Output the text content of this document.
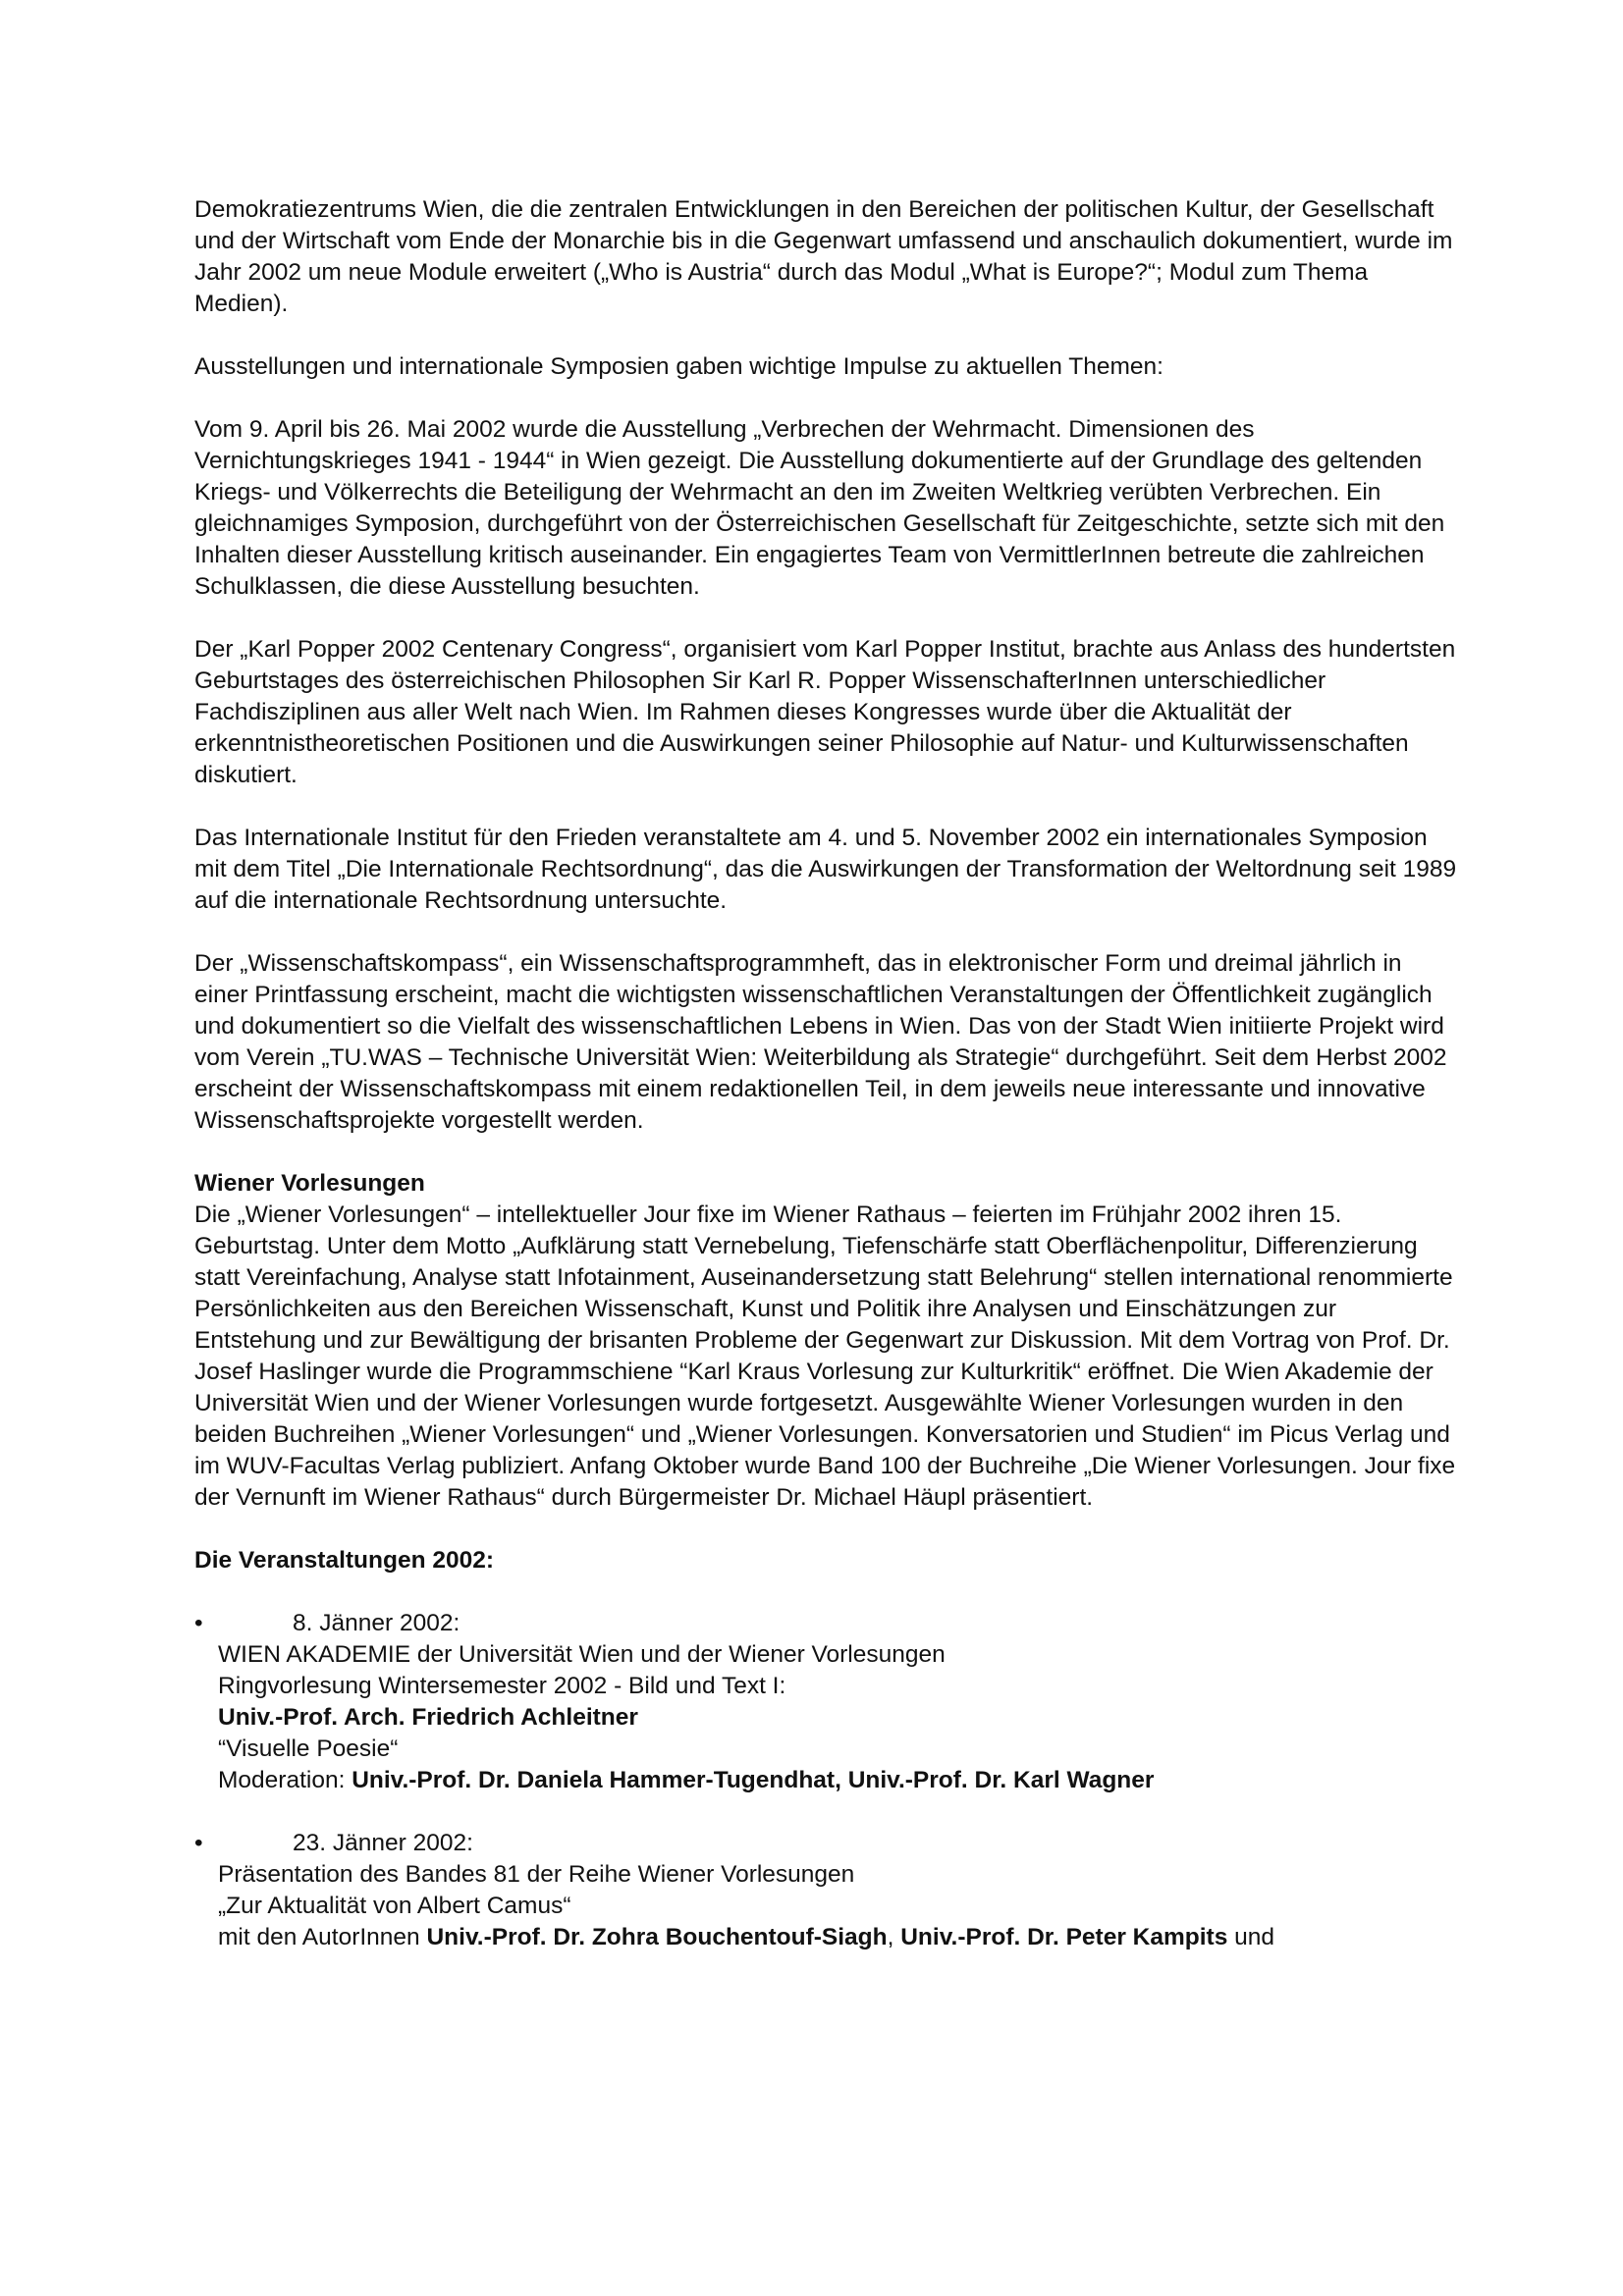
Demokratiezentrums Wien, die die zentralen Entwicklungen in den Bereichen der politischen Kultur, der Gesellschaft und der Wirtschaft vom Ende der Monarchie bis in die Gegenwart umfassend und anschaulich dokumentiert, wurde im Jahr 2002 um neue Module erweitert („Who is Austria“ durch das Modul „What is Europe?“; Modul zum Thema Medien).

Ausstellungen und internationale Symposien gaben wichtige Impulse zu aktuellen Themen:

Vom 9. April bis 26. Mai 2002 wurde die Ausstellung „Verbrechen der Wehrmacht. Dimensionen des Vernichtungskrieges 1941 - 1944“ in Wien gezeigt. Die Ausstellung dokumentierte auf der Grundlage des geltenden Kriegs- und Völkerrechts die Beteiligung der Wehrmacht an den im Zweiten Weltkrieg verübten Verbrechen. Ein gleichnamiges Symposion, durchgeführt von der Österreichischen Gesellschaft für Zeitgeschichte, setzte sich mit den Inhalten dieser Ausstellung kritisch auseinander. Ein engagiertes Team von VermittlerInnen betreute die zahlreichen Schulklassen, die diese Ausstellung besuchten.

Der „Karl Popper 2002 Centenary Congress“, organisiert vom Karl Popper Institut, brachte aus Anlass des hundertsten Geburtstages des österreichischen Philosophen Sir Karl R. Popper WissenschafterInnen unterschiedlicher Fachdisziplinen aus aller Welt nach Wien. Im Rahmen dieses Kongresses wurde über die Aktualität der erkenntnistheoretischen Positionen und die Auswirkungen seiner Philosophie auf Natur- und Kulturwissenschaften diskutiert.

Das Internationale Institut für den Frieden veranstaltete am 4. und 5. November 2002 ein internationales Symposion mit dem Titel „Die Internationale Rechtsordnung“, das die Auswirkungen der Transformation der Weltordnung seit 1989 auf die internationale Rechtsordnung untersuchte.

Der „Wissenschaftskompass“, ein Wissenschaftsprogrammheft, das in elektronischer Form und dreimal jährlich in einer Printfassung erscheint, macht die wichtigsten wissenschaftlichen Veranstaltungen der Öffentlichkeit zugänglich und dokumentiert so die Vielfalt des wissenschaftlichen Lebens in Wien. Das von der Stadt Wien initiierte Projekt wird vom Verein „TU.WAS – Technische Universität Wien: Weiterbildung als Strategie“ durchgeführt. Seit dem Herbst 2002 erscheint der Wissenschaftskompass mit einem redaktionellen Teil, in dem jeweils neue interessante und innovative Wissenschaftsprojekte vorgestellt werden.

Wiener Vorlesungen

Die „Wiener Vorlesungen“ – intellektueller Jour fixe im Wiener Rathaus – feierten im Frühjahr 2002 ihren 15. Geburtstag. Unter dem Motto „Aufklärung statt Vernebelung, Tiefenschärfe statt Oberflächenpolitur, Differenzierung statt Vereinfachung, Analyse statt Infotainment, Auseinandersetzung statt Belehrung“ stellen international renommierte Persönlichkeiten aus den Bereichen Wissenschaft, Kunst und Politik ihre Analysen und Einschätzungen zur Entstehung und zur Bewältigung der brisanten Probleme der Gegenwart zur Diskussion. Mit dem Vortrag von Prof. Dr. Josef Haslinger wurde die Programmschiene “Karl Kraus Vorlesung zur Kulturkritik“ eröffnet. Die Wien Akademie der Universität Wien und der Wiener Vorlesungen wurde fortgesetzt. Ausgewählte Wiener Vorlesungen wurden in den beiden Buchreihen „Wiener Vorlesungen“ und „Wiener Vorlesungen. Konversatorien und Studien“ im Picus Verlag und im WUV-Facultas Verlag publiziert. Anfang Oktober wurde Band 100 der Buchreihe „Die Wiener Vorlesungen. Jour fixe der Vernunft im Wiener Rathaus“ durch Bürgermeister Dr. Michael Häupl präsentiert.

Die Veranstaltungen 2002:
•	8. Jänner 2002:
WIEN AKADEMIE der Universität Wien und der Wiener Vorlesungen
Ringvorlesung Wintersemester 2002 - Bild und Text I:
Univ.-Prof. Arch. Friedrich Achleitner
“Visuelle Poesie“
Moderation: Univ.-Prof. Dr. Daniela Hammer-Tugendhat, Univ.-Prof. Dr. Karl Wagner
•	23. Jänner 2002:
Präsentation des Bandes 81 der Reihe Wiener Vorlesungen
„Zur Aktualität von Albert Camus“
mit den AutorInnen Univ.-Prof. Dr. Zohra Bouchentouf-Siagh, Univ.-Prof. Dr. Peter Kampits und
